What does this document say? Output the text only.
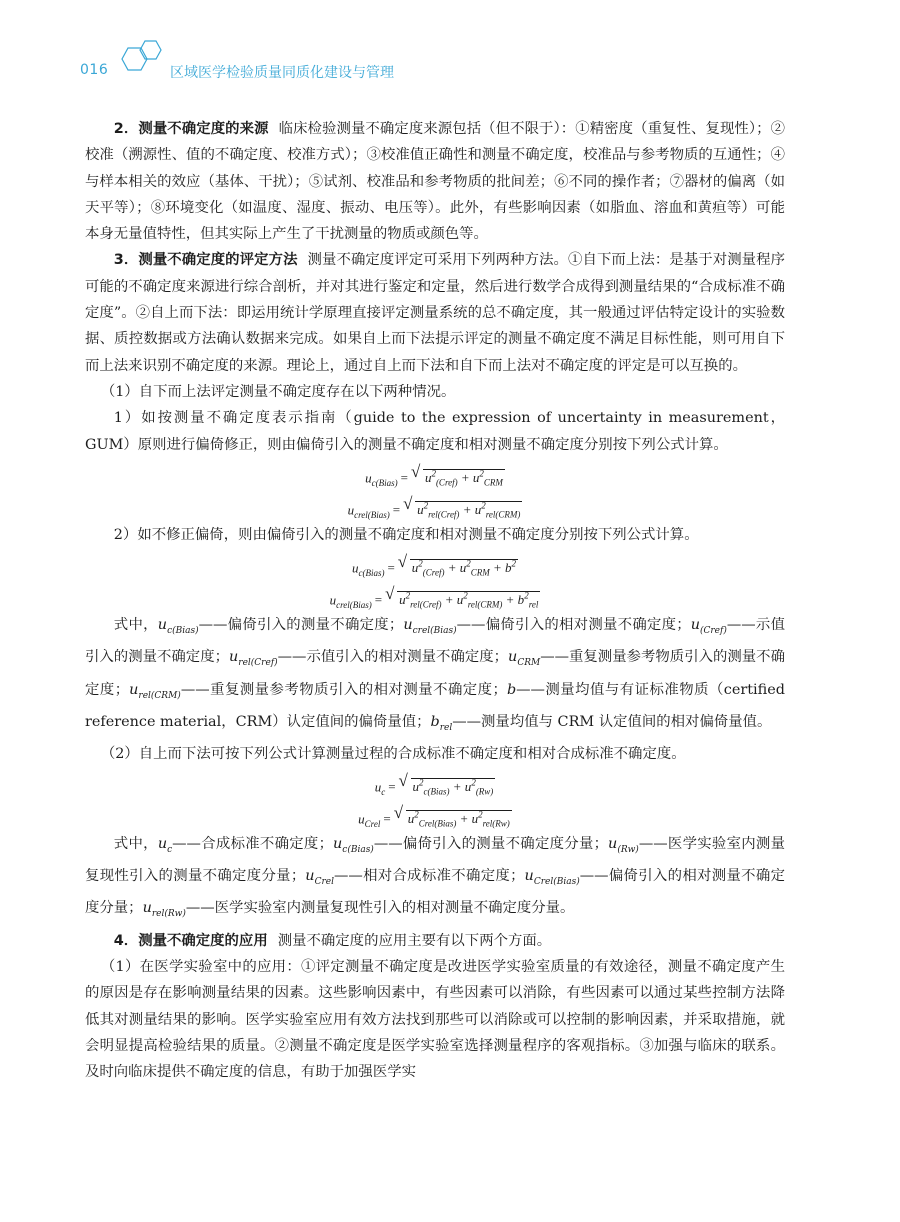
016	区域医学检验质量同质化建设与管理

2．测量不确定度的来源 临床检验测量不确定度来源包括（但不限于）：①精密度（重复性、复现性）；②校准（溯源性、值的不确定度、校准方式）；③校准值正确性和测量不确定度，校准品与参考物质的互通性；④与样本相关的效应（基体、干扰）；⑤试剂、校准品和参考物质的批间差；⑥不同的操作者；⑦器材的偏离（如天平等）；⑧环境变化（如温度、湿度、振动、电压等）。此外，有些影响因素（如脂血、溶血和黄疸等）可能本身无量值特性，但其实际上产生了干扰测量的物质或颜色等。

3．测量不确定度的评定方法 测量不确定度评定可采用下列两种方法。①自下而上法：是基于对测量程序可能的不确定度来源进行综合剖析，并对其进行鉴定和定量，然后进行数学合成得到测量结果的“合成标准不确定度”。②自上而下法：即运用统计学原理直接评定测量系统的总不确定度，其一般通过评估特定设计的实验数据、质控数据或方法确认数据来完成。如果自上而下法提示评定的测量不确定度不满足目标性能，则可用自下而上法来识别不确定度的来源。理论上，通过自上而下法和自下而上法对不确定度的评定是可以互换的。

（1）自下而上法评定测量不确定度存在以下两种情况。

1）如按测量不确定度表示指南（guide to the expression of uncertainty in measurement，GUM）原则进行偏倚修正，则由偏倚引入的测量不确定度和相对测量不确定度分别按下列公式计算。

$u_{c(Bias)}$ = √ $u^2_{(Cref)} + u^2_{CRM}$
$u_{crel(Bias)}$ = √ $u^2_{rel(Cref)} + u^2_{rel(CRM)}$

2）如不修正偏倚，则由偏倚引入的测量不确定度和相对测量不确定度分别按下列公式计算。

$u_{c(Bias)}$ = √ $u^2_{(Cref)} + u^2_{CRM} + b^2$
$u_{crel(Bias)}$ = √ $u^2_{rel(Cref)} + u^2_{rel(CRM)} + b^2_{rel}$

式中，$u_{c(Bias)}——$偏倚引入的测量不确定度；$u_{crel(Bias)}——$偏倚引入的相对测量不确定度；$u_{(Cref)}——$示值引入的测量不确定度；$u_{rel(Cref)}——$示值引入的相对测量不确定度；$u_{CRM}——$重复测量参考物质引入的测量不确定度；$u_{rel(CRM)}——$重复测量参考物质引入的相对测量不确定度；b——测量均值与有证标准物质（certified reference material，CRM）认定值间的偏倚量值；$b_{rel}——$测量均值与 CRM 认定值间的相对偏倚量值。

（2）自上而下法可按下列公式计算测量过程的合成标准不确定度和相对合成标准不确定度。

$u_c$ = √ $u^2_{c(Bias)} + u^2_{(Rw)}$
$u_{Crel}$ = √ $u^2_{Crel(Bias)} + u^2_{rel(Rw)}$

式中，$u_c——$合成标准不确定度；$u_{c(Bias)}——$偏倚引入的测量不确定度分量；$u_{(Rw)}——$医学实验室内测量复现性引入的测量不确定度分量；$u_{Crel}——$相对合成标准不确定度；$u_{Crel(Bias)}——$偏倚引入的相对测量不确定度分量；$u_{rel(Rw)}——$医学实验室内测量复现性引入的相对测量不确定度分量。

4．测量不确定度的应用 测量不确定度的应用主要有以下两个方面。

（1）在医学实验室中的应用：①评定测量不确定度是改进医学实验室质量的有效途径，测量不确定度产生的原因是存在影响测量结果的因素。这些影响因素中，有些因素可以消除，有些因素可以通过某些控制方法降低其对测量结果的影响。医学实验室应用有效方法找到那些可以消除或可以控制的影响因素，并采取措施，就会明显提高检验结果的质量。②测量不确定度是医学实验室选择测量程序的客观指标。③加强与临床的联系。及时向临床提供不确定度的信息，有助于加强医学实
